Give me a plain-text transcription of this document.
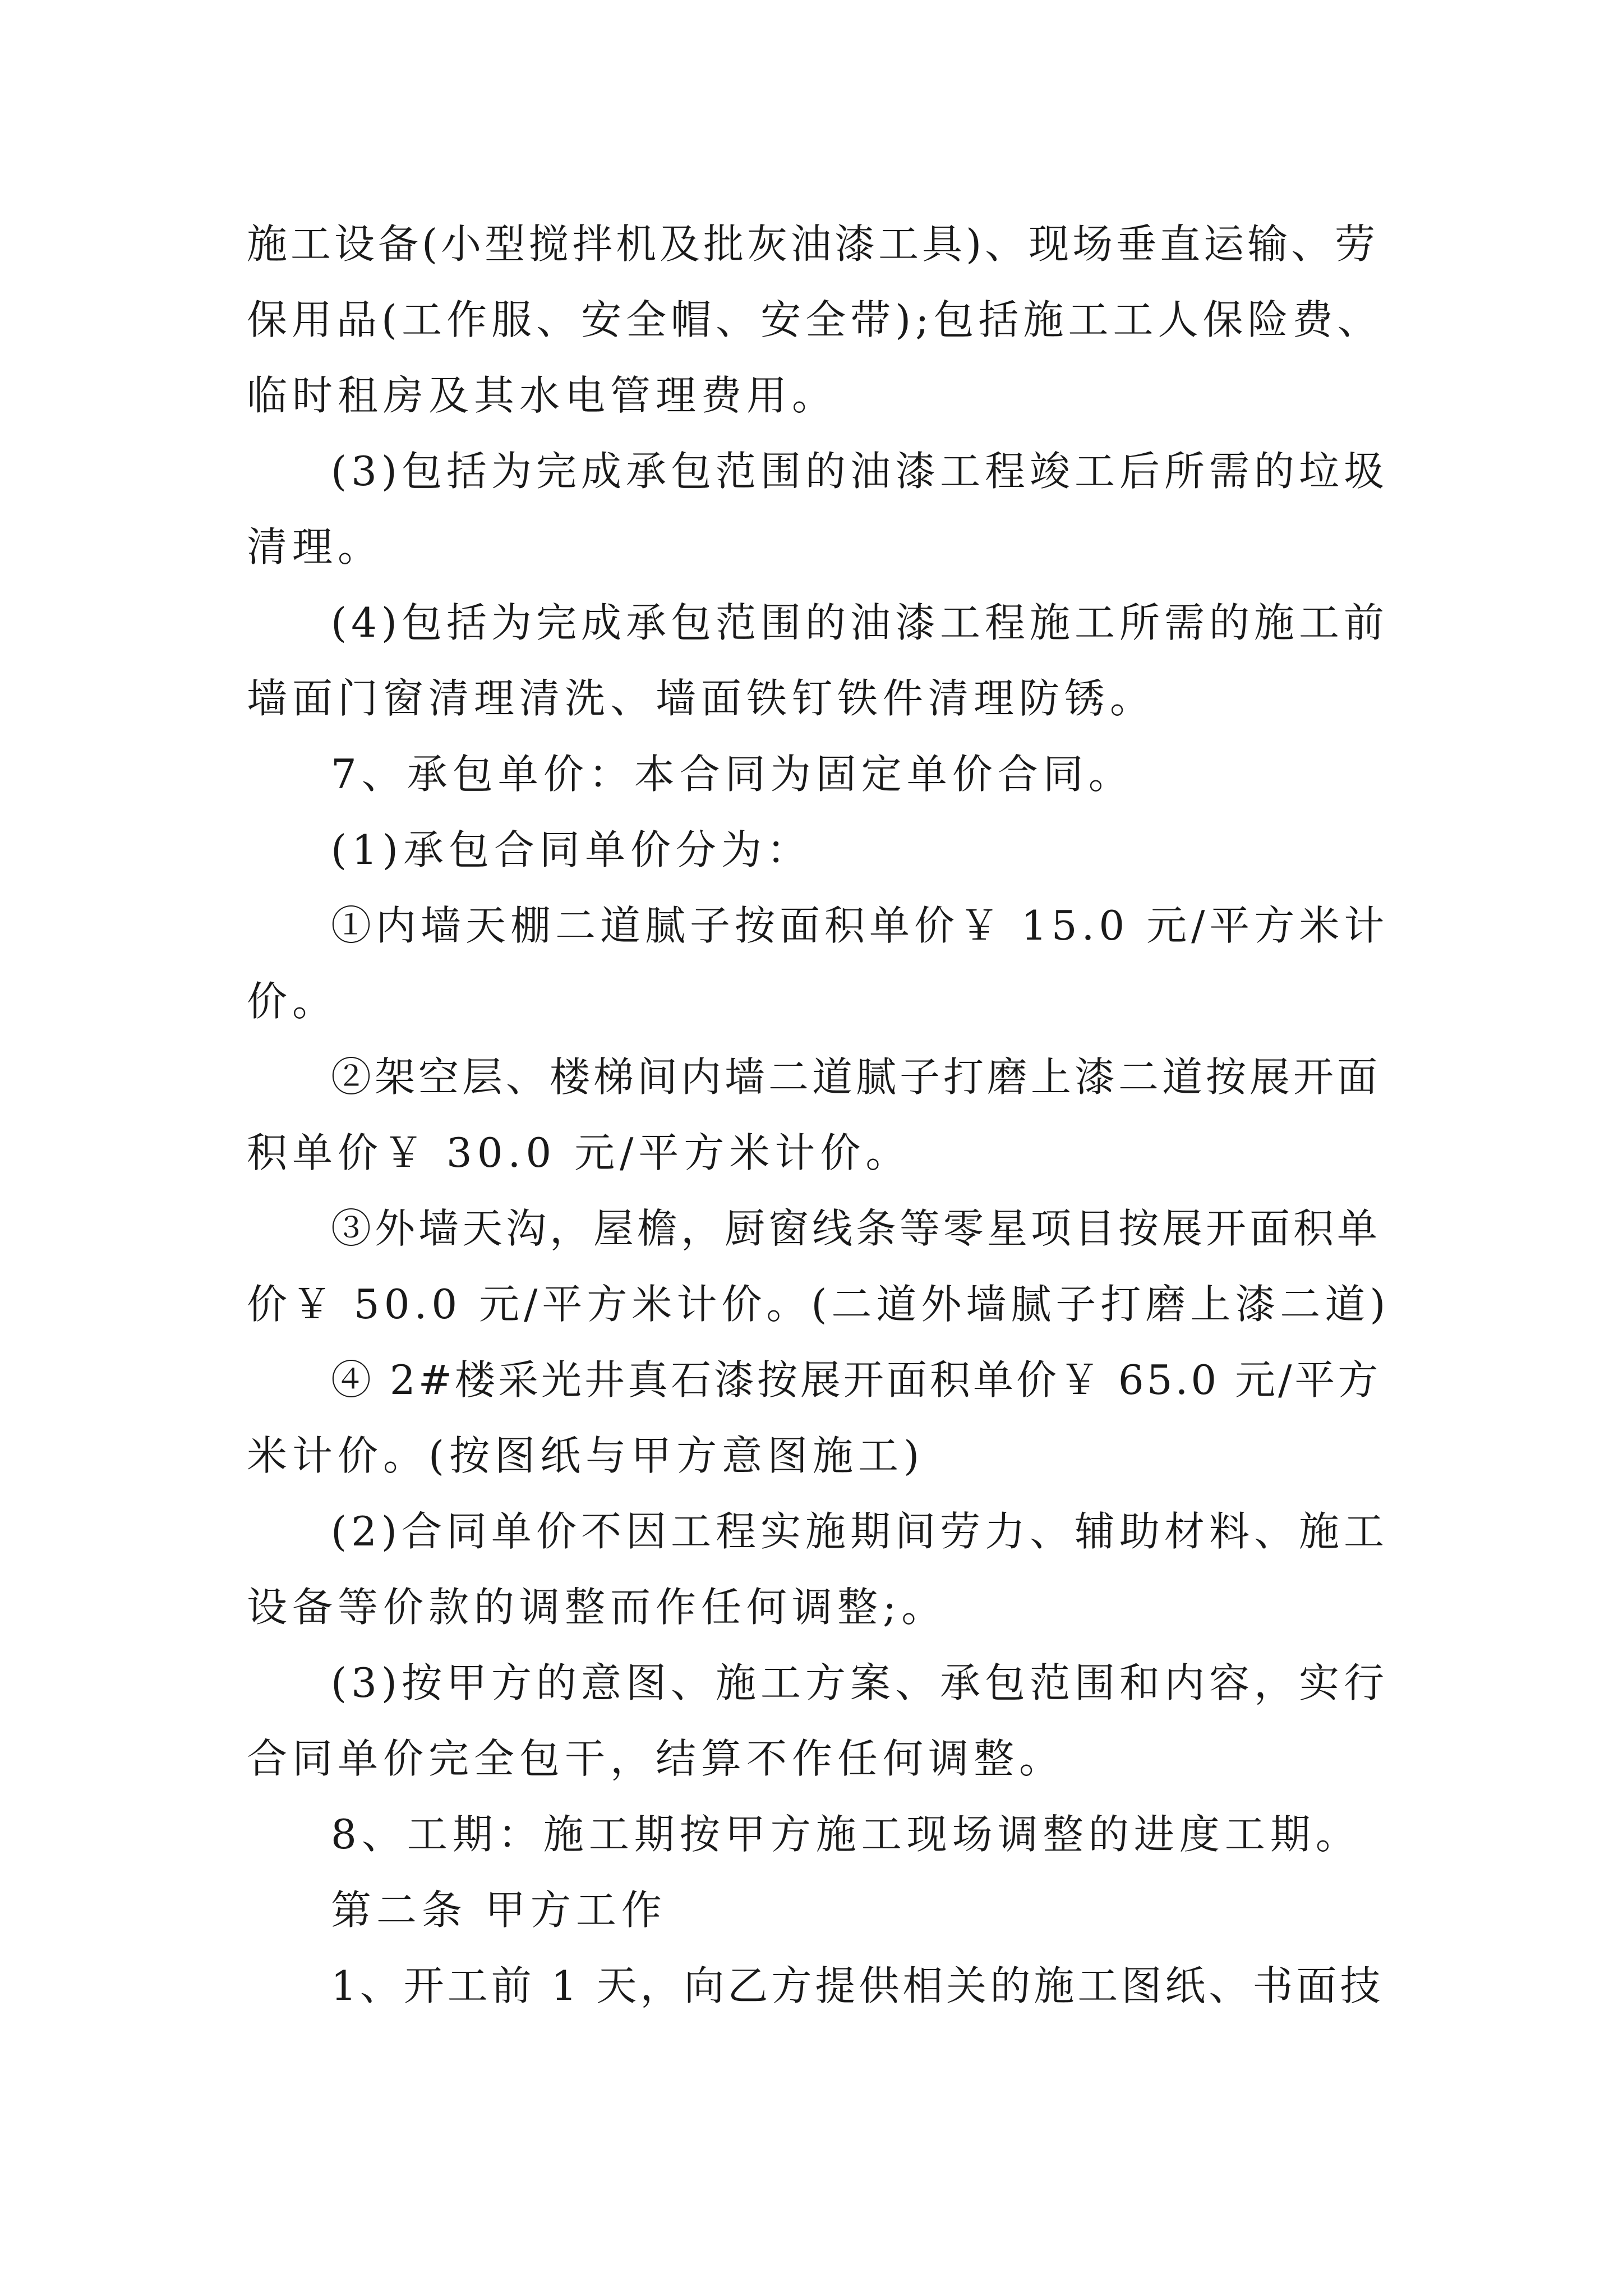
施工设备(小型搅拌机及批灰油漆工具)、现场垂直运输、劳
保用品(工作服、安全帽、安全带);包括施工工人保险费、
临时租房及其水电管理费用。
(3)包括为完成承包范围的油漆工程竣工后所需的垃圾
清理。
(4)包括为完成承包范围的油漆工程施工所需的施工前
墙面门窗清理清洗、墙面铁钉铁件清理防锈。
7、承包单价：本合同为固定单价合同。
(1)承包合同单价分为：
①内墙天棚二道腻子按面积单价￥ 15.0 元/平方米计
价。
②架空层、楼梯间内墙二道腻子打磨上漆二道按展开面
积单价￥ 30.0 元/平方米计价。
③外墙天沟，屋檐，厨窗线条等零星项目按展开面积单
价￥ 50.0 元/平方米计价。(二道外墙腻子打磨上漆二道)
④ 2#楼采光井真石漆按展开面积单价￥ 65.0 元/平方
米计价。(按图纸与甲方意图施工)
(2)合同单价不因工程实施期间劳力、辅助材料、施工
设备等价款的调整而作任何调整;。
(3)按甲方的意图、施工方案、承包范围和内容，实行
合同单价完全包干，结算不作任何调整。
8、工期：施工期按甲方施工现场调整的进度工期。
第二条 甲方工作
1、开工前 1 天，向乙方提供相关的施工图纸、书面技
